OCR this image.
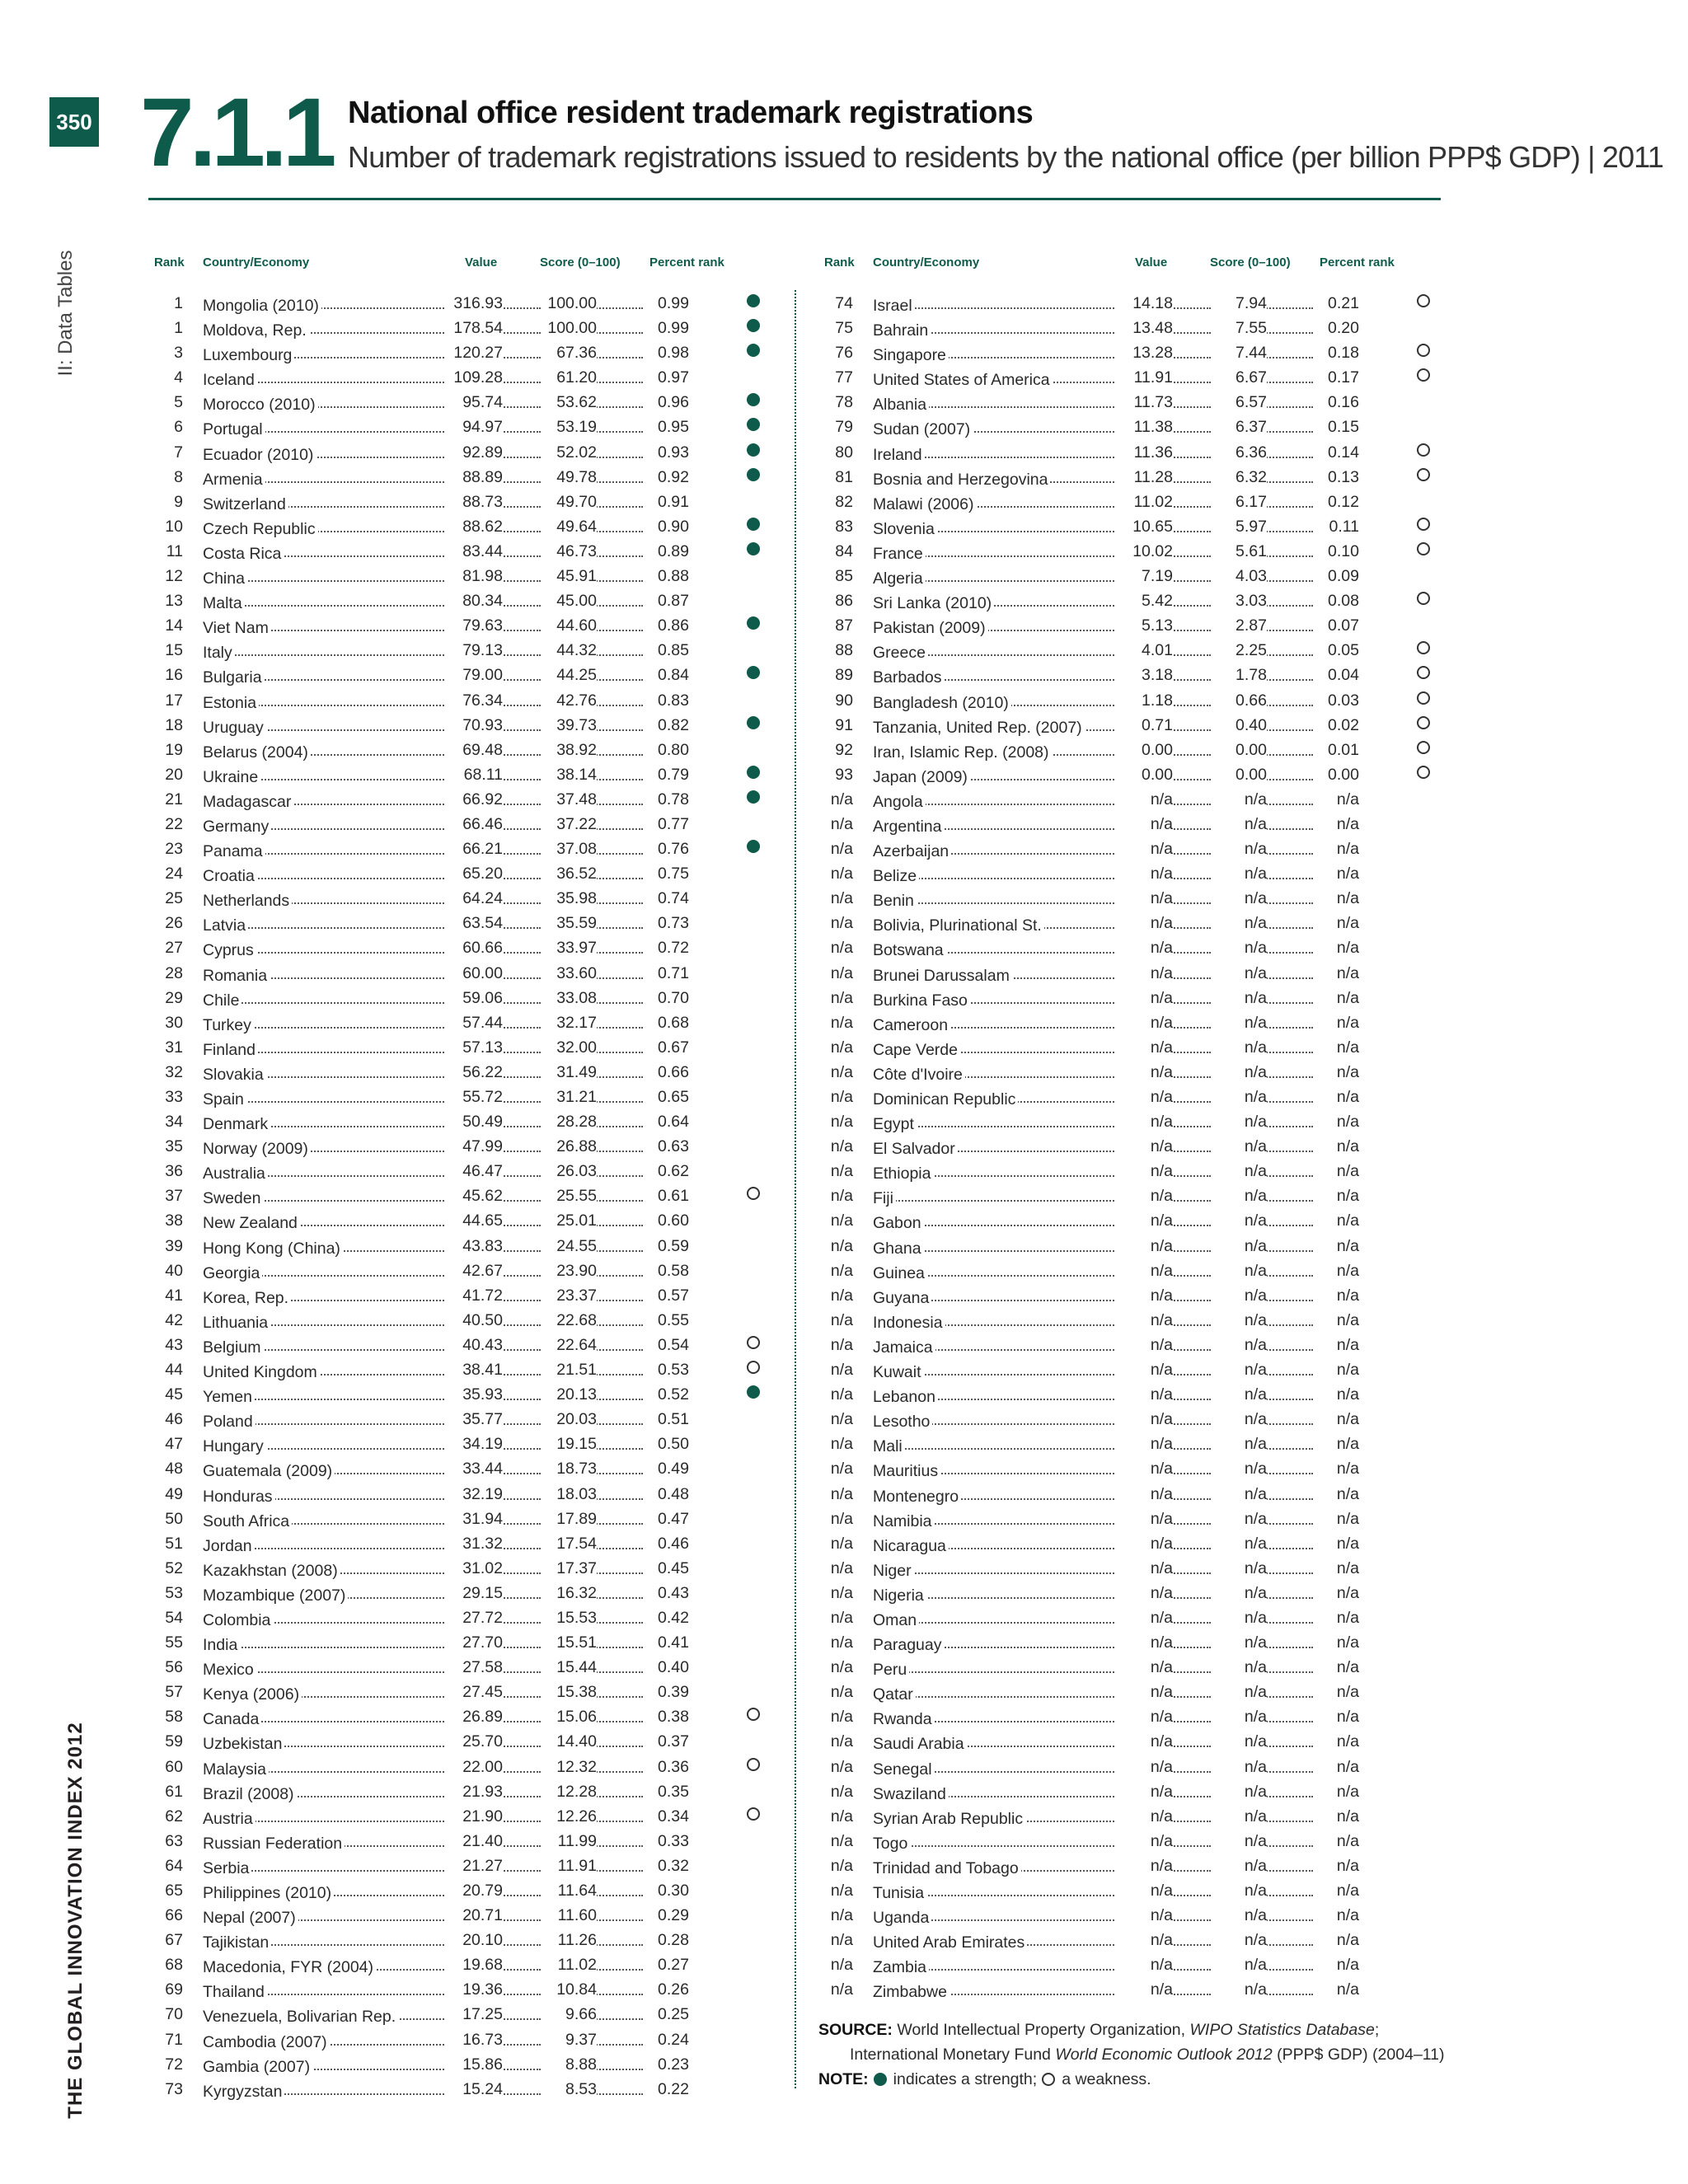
350
II: Data Tables
THE GLOBAL INNOVATION INDEX 2012
7.1.1 National office resident trademark registrations
Number of trademark registrations issued to residents by the national office (per billion PPP$ GDP) | 2011
Rank Country/Economy	Value	Score (0–100) Percent rank
1 Mongolia (2010)	316.93	100.00	0.99
1 Moldova, Rep.	178.54	100.00	0.99
3 Luxembourg	120.27	67.36	0.98
4 Iceland	109.28	61.20	0.97
5 Morocco (2010)	95.74	53.62	0.96
6 Portugal	94.97	53.19	0.95
7 Ecuador (2010)	92.89	52.02	0.93
8 Armenia	88.89	49.78	0.92
9 Switzerland	88.73	49.70	0.91
10 Czech Republic	88.62	49.64	0.90
11 Costa Rica	83.44	46.73	0.89
12 China	81.98	45.91	0.88
13 Malta	80.34	45.00	0.87
14 Viet Nam	79.63	44.60	0.86
15 Italy	79.13	44.32	0.85
16 Bulgaria	79.00	44.25	0.84
17 Estonia	76.34	42.76	0.83
18 Uruguay	70.93	39.73	0.82
19 Belarus (2004)	69.48	38.92	0.80
20 Ukraine	68.11	38.14	0.79
21 Madagascar	66.92	37.48	0.78
22 Germany	66.46	37.22	0.77
23 Panama	66.21	37.08	0.76
24 Croatia	65.20	36.52	0.75
25 Netherlands	64.24	35.98	0.74
26 Latvia	63.54	35.59	0.73
27 Cyprus	60.66	33.97	0.72
28 Romania	60.00	33.60	0.71
29 Chile	59.06	33.08	0.70
30 Turkey	57.44	32.17	0.68
31 Finland	57.13	32.00	0.67
32 Slovakia	56.22	31.49	0.66
33 Spain	55.72	31.21	0.65
34 Denmark	50.49	28.28	0.64
35 Norway (2009)	47.99	26.88	0.63
36 Australia	46.47	26.03	0.62
37 Sweden	45.62	25.55	0.61
38 New Zealand	44.65	25.01	0.60
39 Hong Kong (China)	43.83	24.55	0.59
40 Georgia	42.67	23.90	0.58
41 Korea, Rep.	41.72	23.37	0.57
42 Lithuania	40.50	22.68	0.55
43 Belgium	40.43	22.64	0.54
44 United Kingdom	38.41	21.51	0.53
45 Yemen	35.93	20.13	0.52
46 Poland	35.77	20.03	0.51
47 Hungary	34.19	19.15	0.50
48 Guatemala (2009)	33.44	18.73	0.49
49 Honduras	32.19	18.03	0.48
50 South Africa	31.94	17.89	0.47
51 Jordan	31.32	17.54	0.46
52 Kazakhstan (2008)	31.02	17.37	0.45
53 Mozambique (2007)	29.15	16.32	0.43
54 Colombia	27.72	15.53	0.42
55 India	27.70	15.51	0.41
56 Mexico	27.58	15.44	0.40
57 Kenya (2006)	27.45	15.38	0.39
58 Canada	26.89	15.06	0.38
59 Uzbekistan	25.70	14.40	0.37
60 Malaysia	22.00	12.32	0.36
61 Brazil (2008)	21.93	12.28	0.35
62 Austria	21.90	12.26	0.34
63 Russian Federation	21.40	11.99	0.33
64 Serbia	21.27	11.91	0.32
65 Philippines (2010)	20.79	11.64	0.30
66 Nepal (2007)	20.71	11.60	0.29
67 Tajikistan	20.10	11.26	0.28
68 Macedonia, FYR (2004)	19.68	11.02	0.27
69 Thailand	19.36	10.84	0.26
70 Venezuela, Bolivarian Rep.	17.25	9.66	0.25
71 Cambodia (2007)	16.73	9.37	0.24
72 Gambia (2007)	15.86	8.88	0.23
73 Kyrgyzstan	15.24	8.53	0.22
Rank Country/Economy	Value	Score (0–100) Percent rank
74 Israel	14.18	7.94	0.21
75 Bahrain	13.48	7.55	0.20
76 Singapore	13.28	7.44	0.18
77 United States of America	11.91	6.67	0.17
78 Albania	11.73	6.57	0.16
79 Sudan (2007)	11.38	6.37	0.15
80 Ireland	11.36	6.36	0.14
81 Bosnia and Herzegovina	11.28	6.32	0.13
82 Malawi (2006)	11.02	6.17	0.12
83 Slovenia	10.65	5.97	0.11
84 France	10.02	5.61	0.10
85 Algeria	7.19	4.03	0.09
86 Sri Lanka (2010)	5.42	3.03	0.08
87 Pakistan (2009)	5.13	2.87	0.07
88 Greece	4.01	2.25	0.05
89 Barbados	3.18	1.78	0.04
90 Bangladesh (2010)	1.18	0.66	0.03
91 Tanzania, United Rep. (2007)	0.71	0.40	0.02
92 Iran, Islamic Rep. (2008)	0.00	0.00	0.01
93 Japan (2009)	0.00	0.00	0.00
n/a Angola	n/a	n/a	n/a
n/a Argentina	n/a	n/a	n/a
n/a Azerbaijan	n/a	n/a	n/a
n/a Belize	n/a	n/a	n/a
n/a Benin	n/a	n/a	n/a
n/a Bolivia, Plurinational St.	n/a	n/a	n/a
n/a Botswana	n/a	n/a	n/a
n/a Brunei Darussalam	n/a	n/a	n/a
n/a Burkina Faso	n/a	n/a	n/a
n/a Cameroon	n/a	n/a	n/a
n/a Cape Verde	n/a	n/a	n/a
n/a Côte d'Ivoire	n/a	n/a	n/a
n/a Dominican Republic	n/a	n/a	n/a
n/a Egypt	n/a	n/a	n/a
n/a El Salvador	n/a	n/a	n/a
n/a Ethiopia	n/a	n/a	n/a
n/a Fiji	n/a	n/a	n/a
n/a Gabon	n/a	n/a	n/a
n/a Ghana	n/a	n/a	n/a
n/a Guinea	n/a	n/a	n/a
n/a Guyana	n/a	n/a	n/a
n/a Indonesia	n/a	n/a	n/a
n/a Jamaica	n/a	n/a	n/a
n/a Kuwait	n/a	n/a	n/a
n/a Lebanon	n/a	n/a	n/a
n/a Lesotho	n/a	n/a	n/a
n/a Mali	n/a	n/a	n/a
n/a Mauritius	n/a	n/a	n/a
n/a Montenegro	n/a	n/a	n/a
n/a Namibia	n/a	n/a	n/a
n/a Nicaragua	n/a	n/a	n/a
n/a Niger	n/a	n/a	n/a
n/a Nigeria	n/a	n/a	n/a
n/a Oman	n/a	n/a	n/a
n/a Paraguay	n/a	n/a	n/a
n/a Peru	n/a	n/a	n/a
n/a Qatar	n/a	n/a	n/a
n/a Rwanda	n/a	n/a	n/a
n/a Saudi Arabia	n/a	n/a	n/a
n/a Senegal	n/a	n/a	n/a
n/a Swaziland	n/a	n/a	n/a
n/a Syrian Arab Republic	n/a	n/a	n/a
n/a Togo	n/a	n/a	n/a
n/a Trinidad and Tobago	n/a	n/a	n/a
n/a Tunisia	n/a	n/a	n/a
n/a Uganda	n/a	n/a	n/a
n/a United Arab Emirates	n/a	n/a	n/a
n/a Zambia	n/a	n/a	n/a
n/a Zimbabwe	n/a	n/a	n/a
SOURCE: World Intellectual Property Organization, WIPO Statistics Database;
International Monetary Fund World Economic Outlook 2012 (PPP$ GDP) (2004–11)
NOTE: indicates a strength; a weakness.
